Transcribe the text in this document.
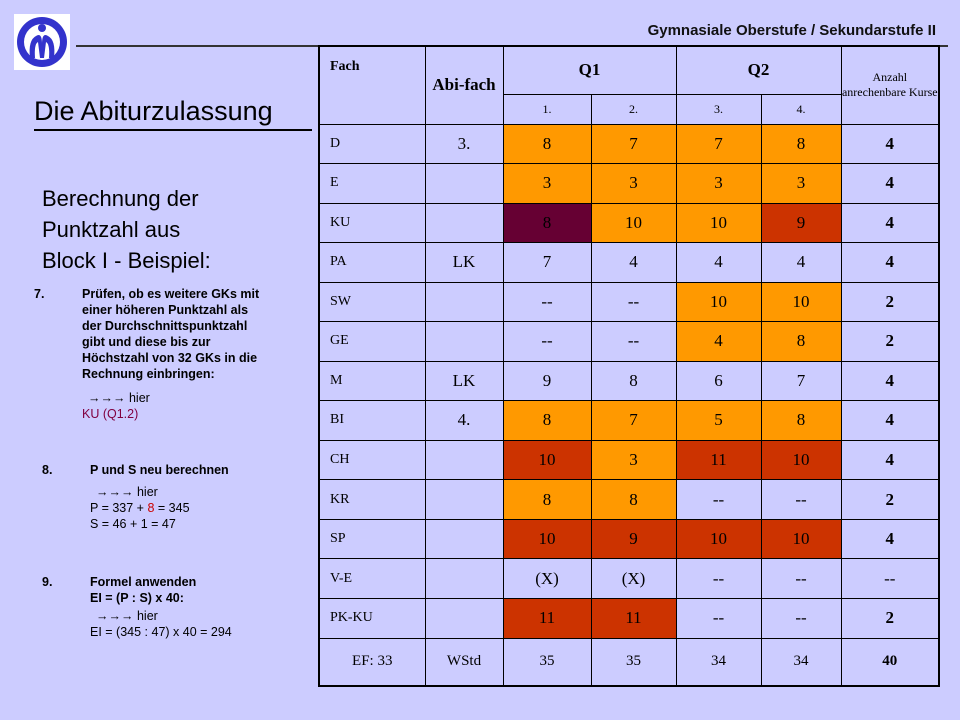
Gymnasiale Oberstufe / Sekundarstufe II
Die Abiturzulassung
Berechnung der
Punktzahl aus
Block I - Beispiel:
7.	Prüfen, ob es weitere GKs mit
einer höheren Punktzahl als
der Durchschnittspunktzahl
gibt und diese bis zur
Höchstzahl von 32 GKs in die
Rechnung einbringen:
→→→ hier
KU (Q1.2)
8.	P und S neu berechnen
→→→ hier
P = 337 + 8 = 345
S = 46 + 1 = 47
9.	Formel anwenden
EI = (P : S) x 40:
→→→ hier
EI = (345 : 47) x 40 = 294
Fach	Abi-fach	Q1		Q2		Anzahl anrechenbare Kurse
		1.	2.	3.	4.	
D	3.	8	7	7	8	4
E		3	3	3	3	4
KU		8	10	10	9	4
PA	LK	7	4	4	4	4
SW		--	--	10	10	2
GE		--	--	4	8	2
M	LK	9	8	6	7	4
BI	4.	8	7	5	8	4
CH		10	3	11	10	4
KR		8	8	--	--	2
SP		10	9	10	10	4
V-E		(X)	(X)	--	--	--
PK-KU		11	11	--	--	2
EF: 33	WStd	35	35	34	34	40
